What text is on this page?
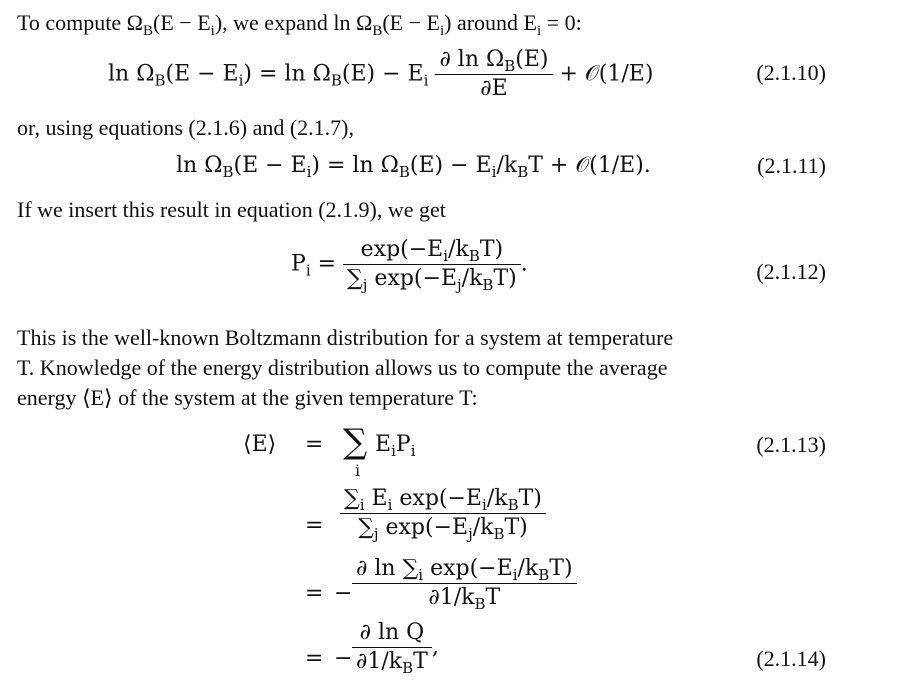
To compute $\Omega_B(E - E_i)$, we expand $\ln \Omega_B(E - E_i)$ around $E_i = 0$:
$\ln \Omega_B(E - E_i) = \ln \Omega_B(E) - E_i \frac{\partial \ln \Omega_B(E)}{\partial E}$ + 𝒪(1/E)	(2.1.10)
or, using equations (2.1.6) and (2.1.7),
$\ln \Omega_B(E - E_i) = \ln \Omega_B(E) - E_i/k_BT$ + 𝒪(1/E).	(2.1.11)
If we insert this result in equation (2.1.9), we get
$P_i = \frac{\exp(-E_i/k_BT)}{\sum_j \exp(-E_j/k_BT)}$ .	(2.1.12)
This is the well-known Boltzmann distribution for a system at temperature
T. Knowledge of the energy distribution allows us to compute the average
energy ⟨E⟩ of the system at the given temperature T:
⟨E⟩ = ∑
i
$E_iP_i$	(2.1.13)
= $\frac{\sum_i E_i \exp(-E_i/k_BT)}{\sum_j \exp(-E_j/k_BT)}$
= − $\frac{\partial \ln \sum_i \exp(-E_i/k_BT)}{\partial 1/k_BT}$
= − $\frac{\text{∂ ln Q}}{\partial 1/k_BT}$ ,	(2.1.14)
